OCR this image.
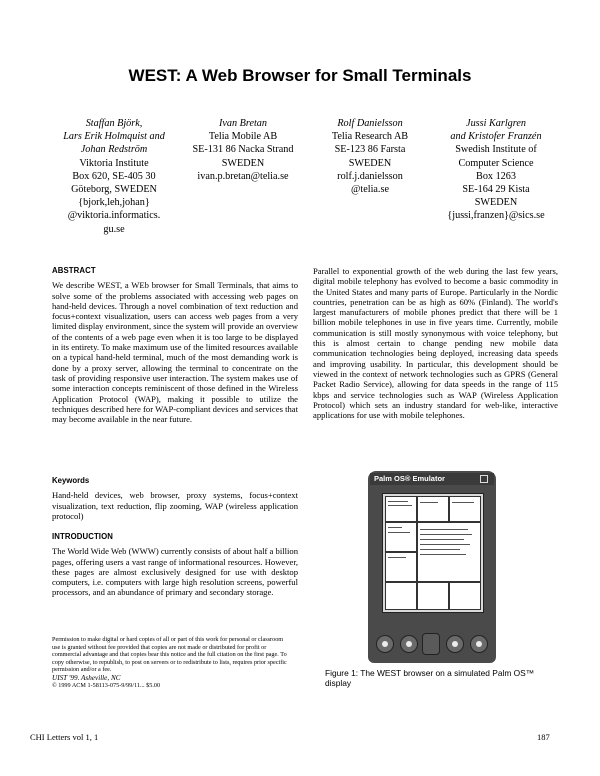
WEST: A Web Browser for Small Terminals
Staffan Björk,
Lars Erik Holmquist and
Johan Redström
Viktoria Institute
Box 620, SE-405 30
Göteborg, SWEDEN
{bjork,leh,johan}
@viktoria.informatics.
gu.se
Ivan Bretan
Telia Mobile AB
SE-131 86 Nacka Strand
SWEDEN
ivan.p.bretan@telia.se
Rolf Danielsson
Telia Research AB
SE-123 86 Farsta
SWEDEN
rolf.j.danielsson
@telia.se
Jussi Karlgren
and Kristofer Franzén
Swedish Institute of
Computer Science
Box 1263
SE-164 29 Kista
SWEDEN
{jussi,franzen}@sics.se
ABSTRACT

We describe WEST, a WEb browser for Small Terminals, that aims to solve some of the problems associated with accessing web pages on hand-held devices. Through a novel combination of text reduction and focus+context visualization, users can access web pages from a very limited display environment, since the system will provide an overview of the contents of a web page even when it is too large to be displayed in its entirety. To make maximum use of the limited resources available on a typical hand-held terminal, much of the most demanding work is done by a proxy server, allowing the terminal to concentrate on the task of providing responsive user interaction. The system makes use of some interaction concepts reminiscent of those defined in the Wireless Application Protocol (WAP), making it possible to utilize the techniques described here for WAP-compliant devices and services that may become available in the near future.

Keywords

Hand-held devices, web browser, proxy systems, focus+context visualization, text reduction, flip zooming, WAP (wireless application protocol)

INTRODUCTION

The World Wide Web (WWW) currently consists of about half a billion pages, offering users a vast range of informational resources. However, these pages are almost exclusively designed for use with desktop computers, i.e. computers with large high resolution screens, powerful processors, and an abundance of primary and secondary storage.

Permission to make digital or hard copies of all or part of this work for personal or classroom use is granted without fee provided that copies are not made or distributed for profit or commercial advantage and that copies bear this notice and the full citation on the first page. To copy otherwise, to republish, to post on servers or to redistribute to lists, requires prior specific permission and/or a fee.
UIST '99. Asheville, NC
© 1999 ACM 1-58113-075-9/99/11... $5.00

Parallel to exponential growth of the web during the last few years, digital mobile telephony has evolved to become a basic commodity in the United States and many parts of Europe. Particularly in the Nordic countries, penetration can be as high as 60% (Finland). The world's largest manufacturers of mobile phones predict that there will be 1 billion mobile telephones in use in five years time. Currently, mobile communication is still mostly synonymous with voice telephony, but this is almost certain to change pending new mobile data communication technologies being deployed, increasing data speeds and improving usability. In particular, this development should be viewed in the context of network technologies such as GPRS (General Packet Radio Service), allowing for data speeds in the range of 115 kbps and service technologies such as WAP (Wireless Application Protocol) which sets an industry standard for web-like, interactive applications for use with mobile telephones.

Palm OS® Emulator
Figure 1: The WEST browser on a simulated Palm OS™ display
CHI Letters vol 1, 1	187
